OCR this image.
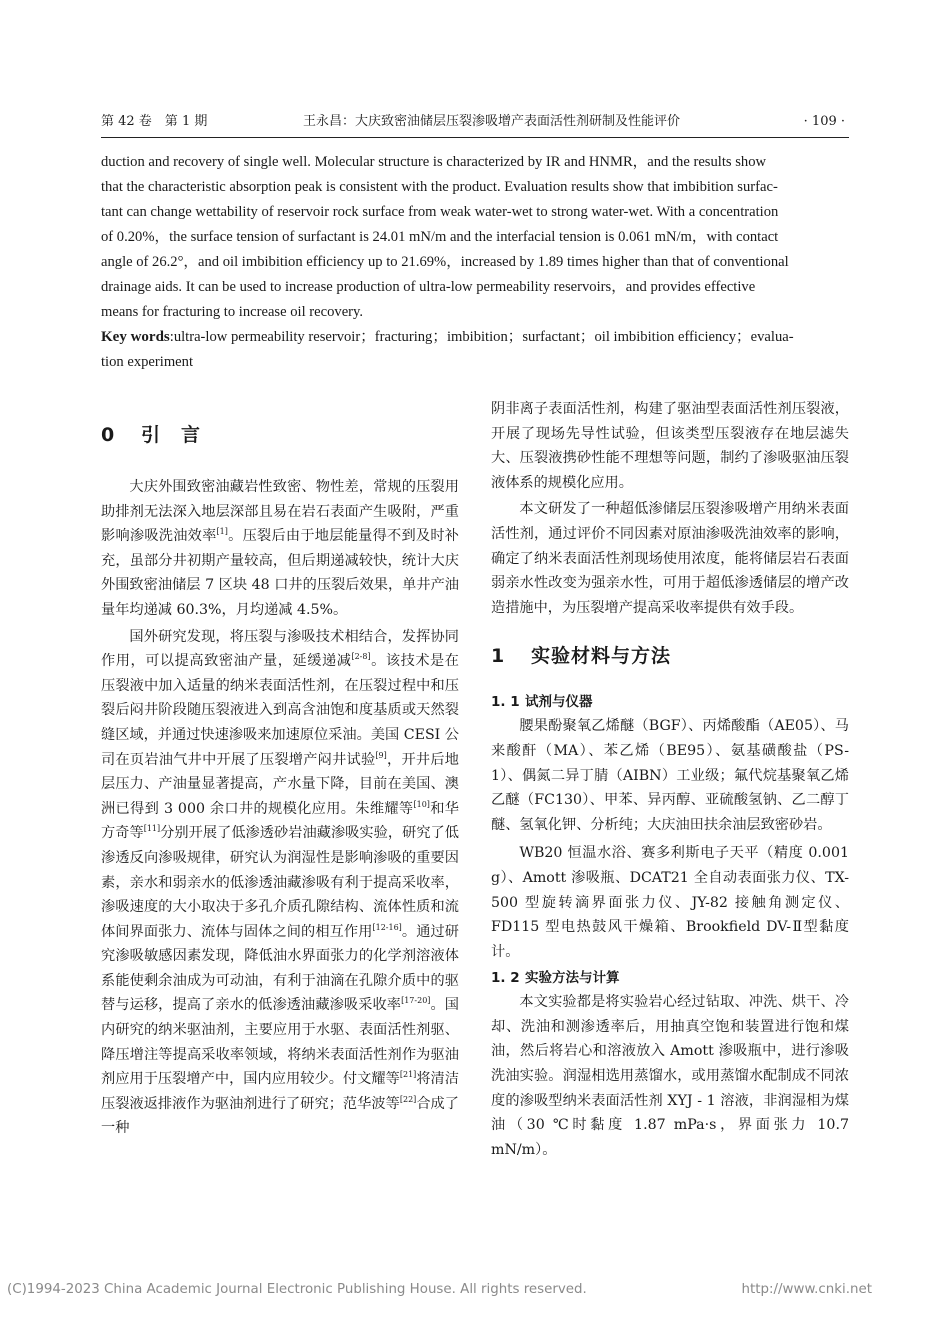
第 42 卷　第 1 期	王永昌：大庆致密油储层压裂渗吸增产表面活性剂研制及性能评价	· 109 ·

duction and recovery of single well. Molecular structure is characterized by IR and HNMR，and the results show

that the characteristic absorption peak is consistent with the product. Evaluation results show that imbibition surfac-

tant can change wettability of reservoir rock surface from weak water-wet to strong water-wet. With a concentration

of 0.20%，the surface tension of surfactant is 24.01 mN/m and the interfacial tension is 0.061 mN/m，with contact

angle of 26.2°，and oil imbibition efficiency up to 21.69%，increased by 1.89 times higher than that of conventional

drainage aids. It can be used to increase production of ultra-low permeability reservoirs，and provides effective

means for fracturing to increase oil recovery.

Key words:ultra-low permeability reservoir；fracturing；imbibition；surfactant；oil imbibition efficiency；evalua-
tion experiment
0 引　言

大庆外围致密油藏岩性致密、物性差，常规的压裂用助排剂无法深入地层深部且易在岩石表面产生吸附，严重影响渗吸洗油效率[1]。压裂后由于地层能量得不到及时补充，虽部分井初期产量较高，但后期递减较快，统计大庆外围致密油储层 7 区块 48 口井的压裂后效果，单井产油量年均递减 60.3%，月均递减 4.5%。

国外研究发现，将压裂与渗吸技术相结合，发挥协同作用，可以提高致密油产量，延缓递减[2-8]。该技术是在压裂液中加入适量的纳米表面活性剂，在压裂过程中和压裂后闷井阶段随压裂液进入到高含油饱和度基质或天然裂缝区域，并通过快速渗吸来加速原位采油。美国 CESI 公司在页岩油气井中开展了压裂增产闷井试验[9]，开井后地层压力、产油量显著提高，产水量下降，目前在美国、澳洲已得到 3 000 余口井的规模化应用。朱维耀等[10]和华方奇等[11]分别开展了低渗透砂岩油藏渗吸实验，研究了低渗透反向渗吸规律，研究认为润湿性是影响渗吸的重要因素，亲水和弱亲水的低渗透油藏渗吸有利于提高采收率，渗吸速度的大小取决于多孔介质孔隙结构、流体性质和流体间界面张力、流体与固体之间的相互作用[12-16]。通过研究渗吸敏感因素发现，降低油水界面张力的化学剂溶液体系能使剩余油成为可动油，有利于油滴在孔隙介质中的驱替与运移，提高了亲水的低渗透油藏渗吸采收率[17-20]。国内研究的纳米驱油剂，主要应用于水驱、表面活性剂驱、降压增注等提高采收率领域，将纳米表面活性剂作为驱油剂应用于压裂增产中，国内应用较少。付文耀等[21]将清洁压裂液返排液作为驱油剂进行了研究；范华波等[22]合成了一种

阴非离子表面活性剂，构建了驱油型表面活性剂压裂液，开展了现场先导性试验，但该类型压裂液存在地层滤失大、压裂液携砂性能不理想等问题，制约了渗吸驱油压裂液体系的规模化应用。

本文研发了一种超低渗储层压裂渗吸增产用纳米表面活性剂，通过评价不同因素对原油渗吸洗油效率的影响，确定了纳米表面活性剂现场使用浓度，能将储层岩石表面弱亲水性改变为强亲水性，可用于超低渗透储层的增产改造措施中，为压裂增产提高采收率提供有效手段。

1 实验材料与方法
1. 1 试剂与仪器

腰果酚聚氧乙烯醚（BGF）、丙烯酸酯（AE05）、马来酸酐（MA）、苯乙烯（BE95）、氨基磺酸盐（PS-1）、偶氮二异丁腈（AIBN）工业级；氟代烷基聚氧乙烯乙醚（FC130）、甲苯、异丙醇、亚硫酸氢钠、乙二醇丁醚、氢氧化钾、分析纯；大庆油田扶余油层致密砂岩。

WB20 恒温水浴、赛多利斯电子天平（精度 0.001 g）、Amott 渗吸瓶、DCAT21 全自动表面张力仪、TX-500 型旋转滴界面张力仪、JY-82 接触角测定仪、FD115 型电热鼓风干燥箱、Brookfield DV-Ⅱ型黏度计。

1. 2 实验方法与计算

本文实验都是将实验岩心经过钻取、冲洗、烘干、冷却、洗油和测渗透率后，用抽真空饱和装置进行饱和煤油，然后将岩心和溶液放入 Amott 渗吸瓶中，进行渗吸洗油实验。润湿相选用蒸馏水，或用蒸馏水配制成不同浓度的渗吸型纳米表面活性剂 XYJ - 1 溶液，非润湿相为煤油（30 ℃时黏度 1.87 mPa·s，界面张力 10.7 mN/m）。

(C)1994-2023 China Academic Journal Electronic Publishing House. All rights reserved.	http://www.cnki.net
